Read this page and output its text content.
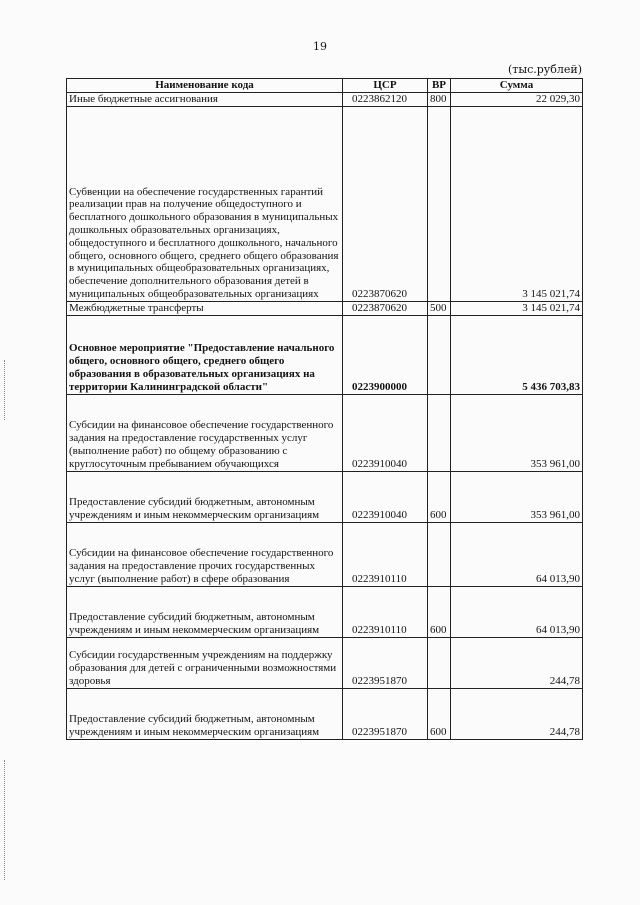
19
(тыс.рублей)
Наименование кода	ЦСР	ВР	Сумма
Иные бюджетные ассигнования	0223862120	800	22 029,30
Субвенции на обеспечение государственных гарантий реализации прав на получение общедоступного и бесплатного дошкольного образования в муниципальных дошкольных образовательных организациях, общедоступного и бесплатного дошкольного, начального общего, основного общего, среднего общего образования в муниципальных общеобразовательных организациях, обеспечение дополнительного образования детей в муниципальных общеобразовательных организациях	0223870620		3 145 021,74
Межбюджетные трансферты	0223870620	500	3 145 021,74
Основное мероприятие "Предоставление начального общего, основного общего, среднего общего образования в образовательных организациях на территории Калининградской области"	0223900000		5 436 703,83
Субсидии на финансовое обеспечение государственного задания на предоставление государственных услуг (выполнение работ) по общему образованию с круглосуточным пребыванием обучающихся	0223910040		353 961,00
Предоставление субсидий бюджетным, автономным учреждениям и иным некоммерческим организациям	0223910040	600	353 961,00
Субсидии на финансовое обеспечение государственного задания на предоставление прочих государственных услуг (выполнение работ) в сфере образования	0223910110		64 013,90
Предоставление субсидий бюджетным, автономным учреждениям и иным некоммерческим организациям	0223910110	600	64 013,90
Субсидии государственным учреждениям на поддержку образования для детей с ограниченными возможностями здоровья	0223951870		244,78
Предоставление субсидий бюджетным, автономным учреждениям и иным некоммерческим организациям	0223951870	600	244,78
